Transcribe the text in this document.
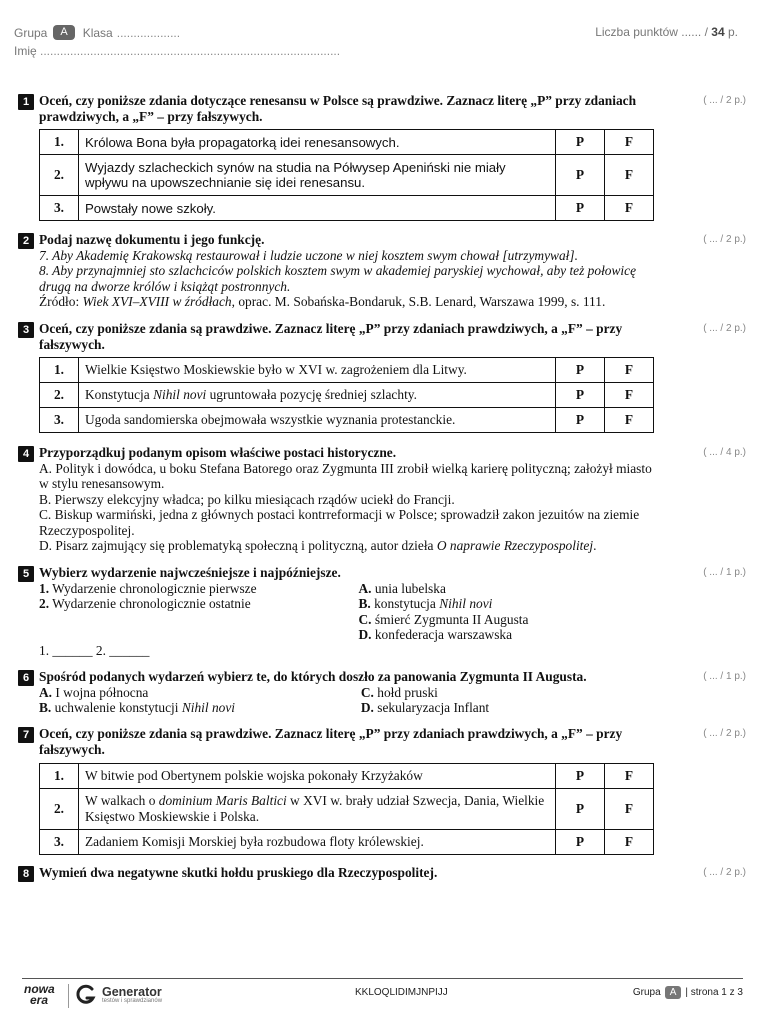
Grupa	A	Klasa ...................
Imię ..........................................................................................
Liczba punktów ...... / 34 p.
1 Oceń, czy poniższe zdania dotyczące renesansu w Polsce są prawdziwe. Zaznacz literę „P” przy zdaniach prawdziwych, a „F” – przy fałszywych.
( ... / 2 p.)
1.	Królowa Bona była propagatorką idei renesansowych.	P	F
2.	Wyjazdy szlacheckich synów na studia na Półwysep Apeniński nie miały wpływu na upowszechnianie się idei renesansu.	P	F
3.	Powstały nowe szkoły.	P	F
2 Podaj nazwę dokumentu i jego funkcję.
7. Aby Akademię Krakowską restaurował i ludzie uczone w niej kosztem swym chował [utrzymywał].
8. Aby przynajmniej sto szlachciców polskich kosztem swym w akademiej paryskiej wychował, aby też połowicę drugą na dworze królów i książąt postronnych.
Źródło: Wiek XVI–XVIII w źródłach, oprac. M. Sobańska-Bondaruk, S.B. Lenard, Warszawa 1999, s. 111.
( ... / 2 p.)
3 Oceń, czy poniższe zdania są prawdziwe. Zaznacz literę „P” przy zdaniach prawdziwych, a „F” – przy fałszywych.
( ... / 2 p.)
1.	Wielkie Księstwo Moskiewskie było w XVI w. zagrożeniem dla Litwy.	P	F
2.	Konstytucja Nihil novi ugruntowała pozycję średniej szlachty.	P	F
3.	Ugoda sandomierska obejmowała wszystkie wyznania protestanckie.	P	F
4 Przyporządkuj podanym opisom właściwe postaci historyczne.
A. Polityk i dowódca, u boku Stefana Batorego oraz Zygmunta III zrobił wielką karierę polityczną; założył miasto w stylu renesansowym.
B. Pierwszy elekcyjny władca; po kilku miesiącach rządów uciekł do Francji.
C. Biskup warmiński, jedna z głównych postaci kontrreformacji w Polsce; sprowadził zakon jezuitów na ziemie Rzeczypospolitej.
D. Pisarz zajmujący się problematyką społeczną i polityczną, autor dzieła O naprawie Rzeczypospolitej.
( ... / 4 p.)
5 Wybierz wydarzenie najwcześniejsze i najpóźniejsze.
1. Wydarzenie chronologicznie pierwsze
2. Wydarzenie chronologicznie ostatnie
A. unia lubelska
B. konstytucja Nihil novi
C. śmierć Zygmunta II Augusta
D. konfederacja warszawska
1. ______ 2. ______
( ... / 1 p.)
6 Spośród podanych wydarzeń wybierz te, do których doszło za panowania Zygmunta II Augusta.
A. I wojna północna
B. uchwalenie konstytucji Nihil novi
C. hołd pruski
D. sekularyzacja Inflant
( ... / 1 p.)
7 Oceń, czy poniższe zdania są prawdziwe. Zaznacz literę „P” przy zdaniach prawdziwych, a „F” – przy fałszywych.
( ... / 2 p.)
1.	W bitwie pod Obertynem polskie wojska pokonały Krzyżaków	P	F
2.	W walkach o dominium Maris Baltici w XVI w. brały udział Szwecja, Dania, Wielkie Księstwo Moskiewskie i Polska.	P	F
3.	Zadaniem Komisji Morskiej była rozbudowa floty królewskiej.	P	F
8 Wymień dwa negatywne skutki hołdu pruskiego dla Rzeczypospolitej.	( ... / 2 p.)
nowa
era
Generator
testów i sprawdzianów
KKLOQLIDIMJNPIJJ	Grupa A | strona 1 z 3
